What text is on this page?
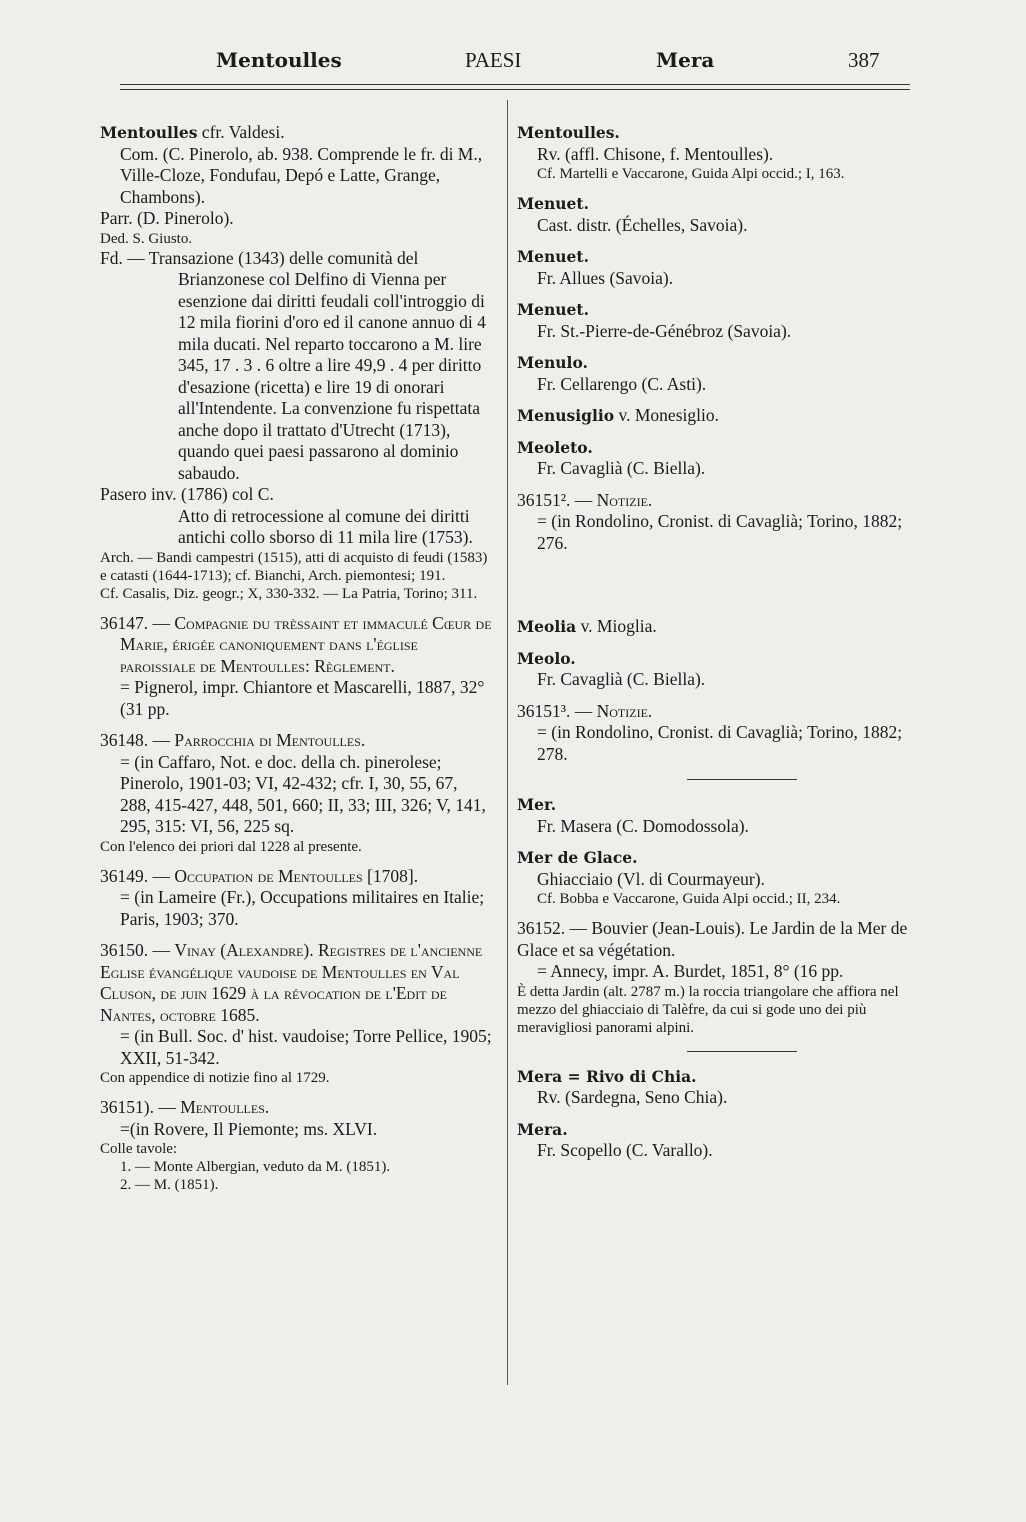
Mentoulles	PAESI	Mera	387

Mentoulles cfr. Valdesi.

Com. (C. Pinerolo, ab. 938. Comprende le fr. di M., Ville-Cloze, Fondufau, Depó e Latte, Grange, Chambons).

Parr. (D. Pinerolo).

Ded. S. Giusto.

Fd. — Transazione (1343) delle comunità del Brianzonese col Delfino di Vienna per esenzione dai diritti feudali coll'introggio di 12 mila fiorini d'oro ed il canone annuo di 4 mila ducati. Nel reparto toccarono a M. lire 345, 17 . 3 . 6 oltre a lire 49,9 . 4 per diritto d'esazione (ricetta) e lire 19 di onorari all'Intendente. La convenzione fu rispettata anche dopo il trattato d'Utrecht (1713), quando quei paesi passarono al dominio sabaudo.

Pasero inv. (1786) col C.

Atto di retrocessione al comune dei diritti antichi collo sborso di 11 mila lire (1753).

Arch. — Bandi campestri (1515), atti di acquisto di feudi (1583) e catasti (1644-1713); cf. Bianchi, Arch. piemontesi; 191.

Cf. Casalis, Diz. geogr.; X, 330-332. — La Patria, Torino; 311.

36147. — Compagnie du trèssaint et immaculé Cœur de Marie, érigée canoniquement dans l'église paroissiale de Mentoulles: Règlement.

= Pignerol, impr. Chiantore et Mascarelli, 1887, 32° (31 pp.

36148. — Parrocchia di Mentoulles.

= (in Caffaro, Not. e doc. della ch. pinerolese; Pinerolo, 1901-03; VI, 42-432; cfr. I, 30, 55, 67, 288, 415-427, 448, 501, 660; II, 33; III, 326; V, 141, 295, 315: VI, 56, 225 sq.

Con l'elenco dei priori dal 1228 al presente.

36149. — Occupation de Mentoulles [1708].

= (in Lameire (Fr.), Occupations militaires en Italie; Paris, 1903; 370.

36150. — Vinay (Alexandre). Registres de l'ancienne Eglise évangélique vaudoise de Mentoulles en Val Cluson, de juin 1629 à la révocation de l'Edit de Nantes, octobre 1685.

= (in Bull. Soc. d' hist. vaudoise; Torre Pellice, 1905; XXII, 51-342.

Con appendice di notizie fino al 1729.

36151). — Mentoulles.

=(in Rovere, Il Piemonte; ms. XLVI.

Colle tavole:

1. — Monte Albergian, veduto da M. (1851).

2. — M. (1851).

Mentoulles.

Rv. (affl. Chisone, f. Mentoulles).

Cf. Martelli e Vaccarone, Guida Alpi occid.; I, 163.

Menuet.

Cast. distr. (Échelles, Savoia).

Menuet.

Fr. Allues (Savoia).

Menuet.

Fr. St.-Pierre-de-Génébroz (Savoia).

Menulo.

Fr. Cellarengo (C. Asti).

Menusiglio v. Monesiglio.

Meoleto.

Fr. Cavaglià (C. Biella).

36151². — Notizie.

= (in Rondolino, Cronist. di Cavaglià; Torino, 1882; 276.

Meolia v. Mioglia.

Meolo.

Fr. Cavaglià (C. Biella).

36151³. — Notizie.

= (in Rondolino, Cronist. di Cavaglià; Torino, 1882; 278.

Mer.

Fr. Masera (C. Domodossola).

Mer de Glace.

Ghiacciaio (Vl. di Courmayeur).

Cf. Bobba e Vaccarone, Guida Alpi occid.; II, 234.

36152. — Bouvier (Jean-Louis). Le Jardin de la Mer de Glace et sa végétation.

= Annecy, impr. A. Burdet, 1851, 8° (16 pp.

È detta Jardin (alt. 2787 m.) la roccia triangolare che affiora nel mezzo del ghiacciaio di Talèfre, da cui si gode uno dei più meravigliosi panorami alpini.

Mera = Rivo di Chia.

Rv. (Sardegna, Seno Chia).

Mera.

Fr. Scopello (C. Varallo).
